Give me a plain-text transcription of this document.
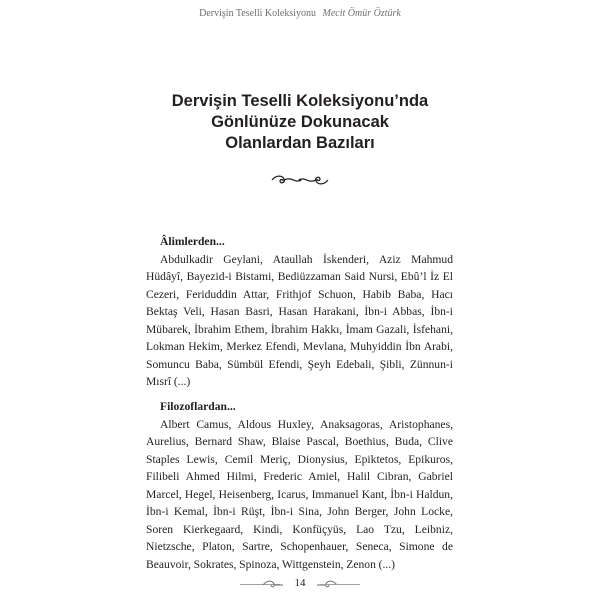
Dervişin Teselli Koleksiyonu Mecit Ömür Öztürk
Dervişin Teselli Koleksiyonu’nda
Gönlünüze Dokunacak
Olanlardan Bazıları
Âlimlerden...

Abdulkadir Geylani, Ataullah İskenderi, Aziz Mahmud Hüdâyî, Bayezid-i Bistami, Bediüzzaman Said Nursi, Ebû’l İz El Cezeri, Feriduddin Attar, Frithjof Schuon, Habib Baba, Hacı Bektaş Veli, Hasan Basri, Hasan Harakani, İbn-i Abbas, İbn-i Mübarek, İbrahim Ethem, İbrahim Hakkı, İmam Gazali, İsfehani, Lokman Hekim, Merkez Efendi, Mevlana, Muhyiddin İbn Arabi, Somuncu Baba, Sümbül Efendi, Şeyh Edebali, Şibli, Zünnun-i Mısrî (...)

Filozoflardan...

Albert Camus, Aldous Huxley, Anaksagoras, Aristophanes, Aurelius, Bernard Shaw, Blaise Pascal, Boethius, Buda, Clive Staples Lewis, Cemil Meriç, Dionysius, Epiktetos, Epikuros, Filibeli Ahmed Hilmi, Frederic Amiel, Halil Cibran, Gabriel Marcel, Hegel, Heisenberg, Icarus, Immanuel Kant, İbn-i Haldun, İbn-i Kemal, İbn-i Rüşt, İbn-i Sina, John Berger, John Locke, Soren Kierkegaard, Kindi, Konfüçyüs, Lao Tzu, Leibniz, Nietzsche, Platon, Sartre, Schopenhauer, Seneca, Simone de Beauvoir, Sokrates, Spinoza, Wittgenstein, Zenon (...)

14
